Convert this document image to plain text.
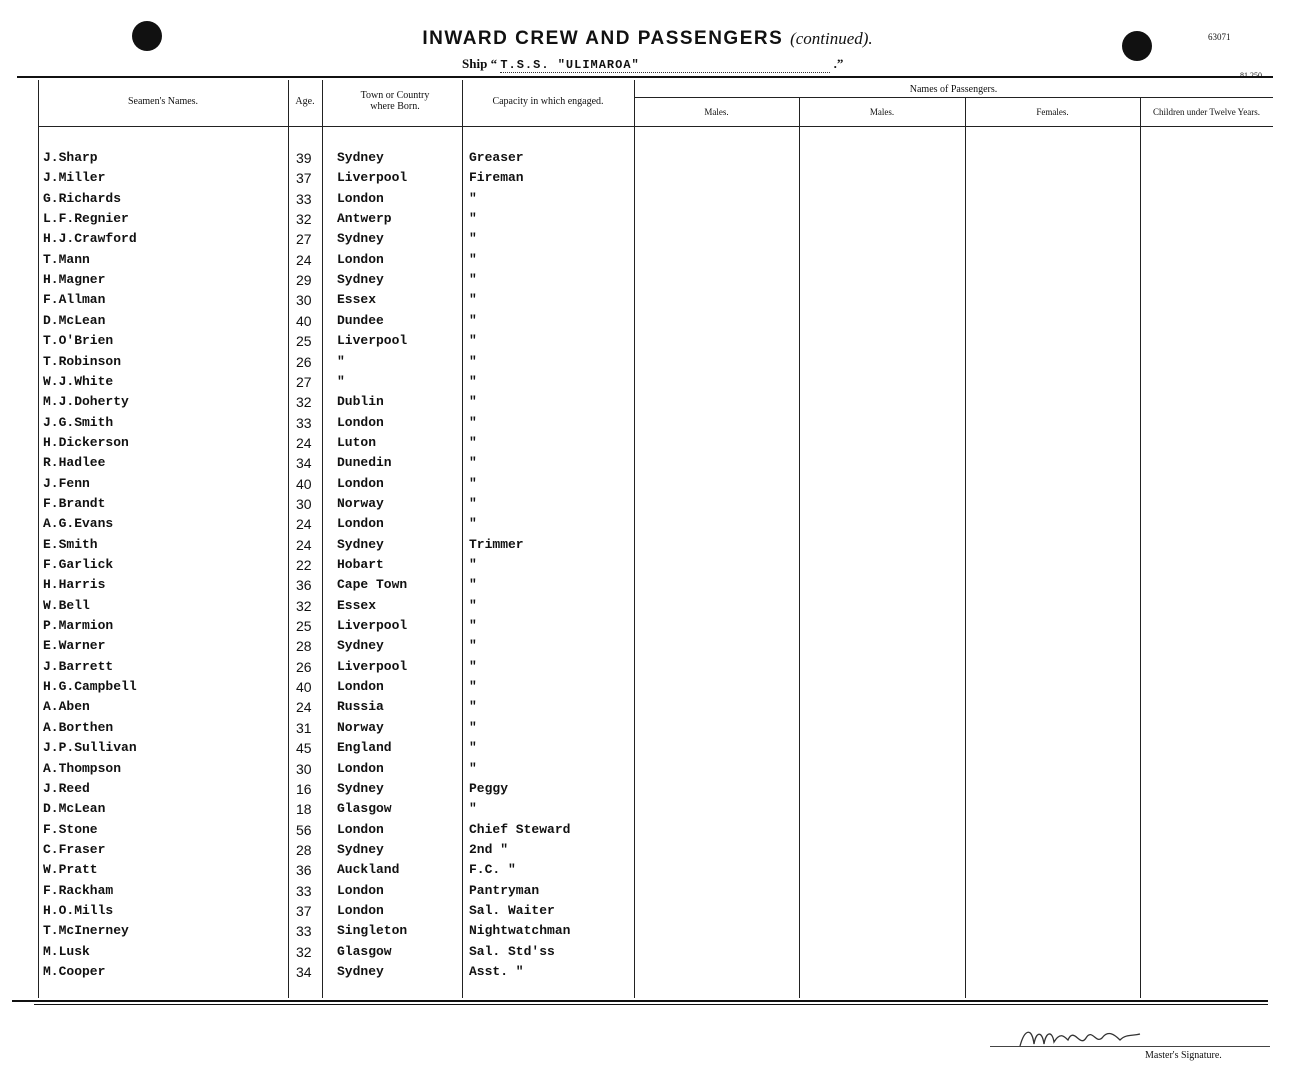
INWARD CREW AND PASSENGERS (continued).	63071
81 250
Ship “ T.S.S. "ULIMAROA"	.”
Seamen's Names.	Age.
Town or Country where Born.	Capacity in which engaged.
Names of Passengers.
Males.	Males.	Females.	Children under Twelve Years.
J.Sharp	39 Sydney	Greaser
J.Miller	37 Liverpool	Fireman
G.Richards	33 London	"
L.F.Regnier	32 Antwerp	"
H.J.Crawford	27 Sydney	"
T.Mann	24 London	"
H.Magner	29 Sydney	"
F.Allman	30 Essex	"
D.McLean	40 Dundee	"
T.O'Brien	25 Liverpool	"
T.Robinson	26 "	"
W.J.White	27 "	"
M.J.Doherty	32 Dublin	"
J.G.Smith	33 London	"
H.Dickerson	24 Luton	"
R.Hadlee	34 Dunedin	"
J.Fenn	40 London	"
F.Brandt	30 Norway	"
A.G.Evans	24 London	"
E.Smith	24 Sydney	Trimmer
F.Garlick	22 Hobart	"
H.Harris	36 Cape Town	"
W.Bell	32 Essex	"
P.Marmion	25 Liverpool	"
E.Warner	28 Sydney	"
J.Barrett	26 Liverpool	"
H.G.Campbell	40 London	"
A.Aben	24 Russia	"
A.Borthen	31 Norway	"
J.P.Sullivan	45 England	"
A.Thompson	30 London	"
J.Reed	16 Sydney	Peggy
D.McLean	18 Glasgow	"
F.Stone	56 London	Chief Steward
C.Fraser	28 Sydney	2nd "
W.Pratt	36 Auckland	F.C. "
F.Rackham	33 London	Pantryman
H.O.Mills	37 London	Sal. Waiter
T.McInerney	33 Singleton	Nightwatchman
M.Lusk	32 Glasgow	Sal. Std'ss
M.Cooper	34 Sydney	Asst. "
Master's Signature.
